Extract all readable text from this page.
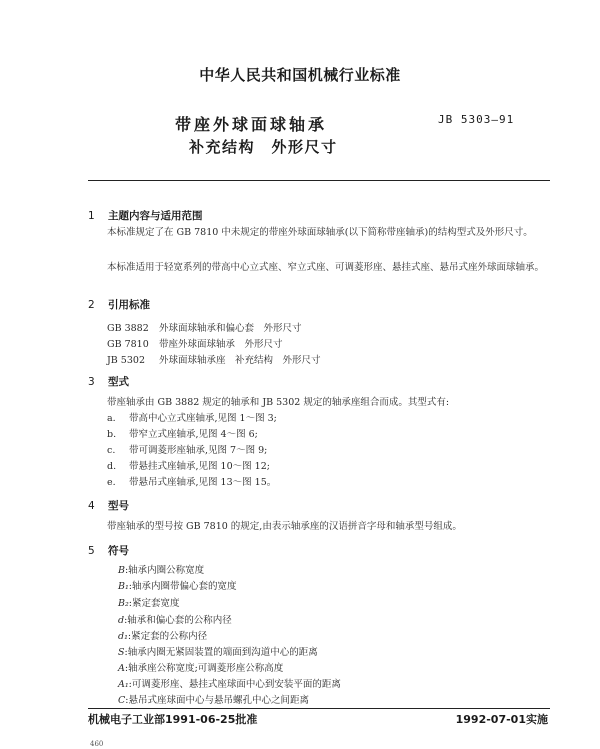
中华人民共和国机械行业标准
带座外球面球轴承	JB 5303—91
补充结构　外形尺寸
1 主题内容与适用范围
本标准规定了在 GB 7810 中未规定的带座外球面球轴承(以下简称带座轴承)的结构型式及外形尺寸。
本标准适用于轻宽系列的带高中心立式座、窄立式座、可调菱形座、悬挂式座、悬吊式座外球面球轴承。
2 引用标准
GB 3882 外球面球轴承和偏心套　外形尺寸
GB 7810 带座外球面球轴承　外形尺寸
JB 5302 外球面球轴承座　补充结构　外形尺寸
3 型式
带座轴承由 GB 3882 规定的轴承和 JB 5302 规定的轴承座组合而成。其型式有:
a. 带高中心立式座轴承,见图 1～图 3;
b. 带窄立式座轴承,见图 4～图 6;
c. 带可调菱形座轴承,见图 7～图 9;
d. 带悬挂式座轴承,见图 10～图 12;
e. 带悬吊式座轴承,见图 13～图 15。
4 型号
带座轴承的型号按 GB 7810 的规定,由表示轴承座的汉语拼音字母和轴承型号组成。
5 符号
B:轴承内圈公称宽度
B₁:轴承内圈带偏心套的宽度
B₂:紧定套宽度
d:轴承和偏心套的公称内径
d₁:紧定套的公称内径
S:轴承内圈无紧固装置的端面到沟道中心的距离
A:轴承座公称宽度;可调菱形座公称高度
A₁:可调菱形座、悬挂式座球面中心到安装平面的距离
C:悬吊式座球面中心与悬吊螺孔中心之间距离
机械电子工业部1991-06-25批准	1992-07-01实施
460
